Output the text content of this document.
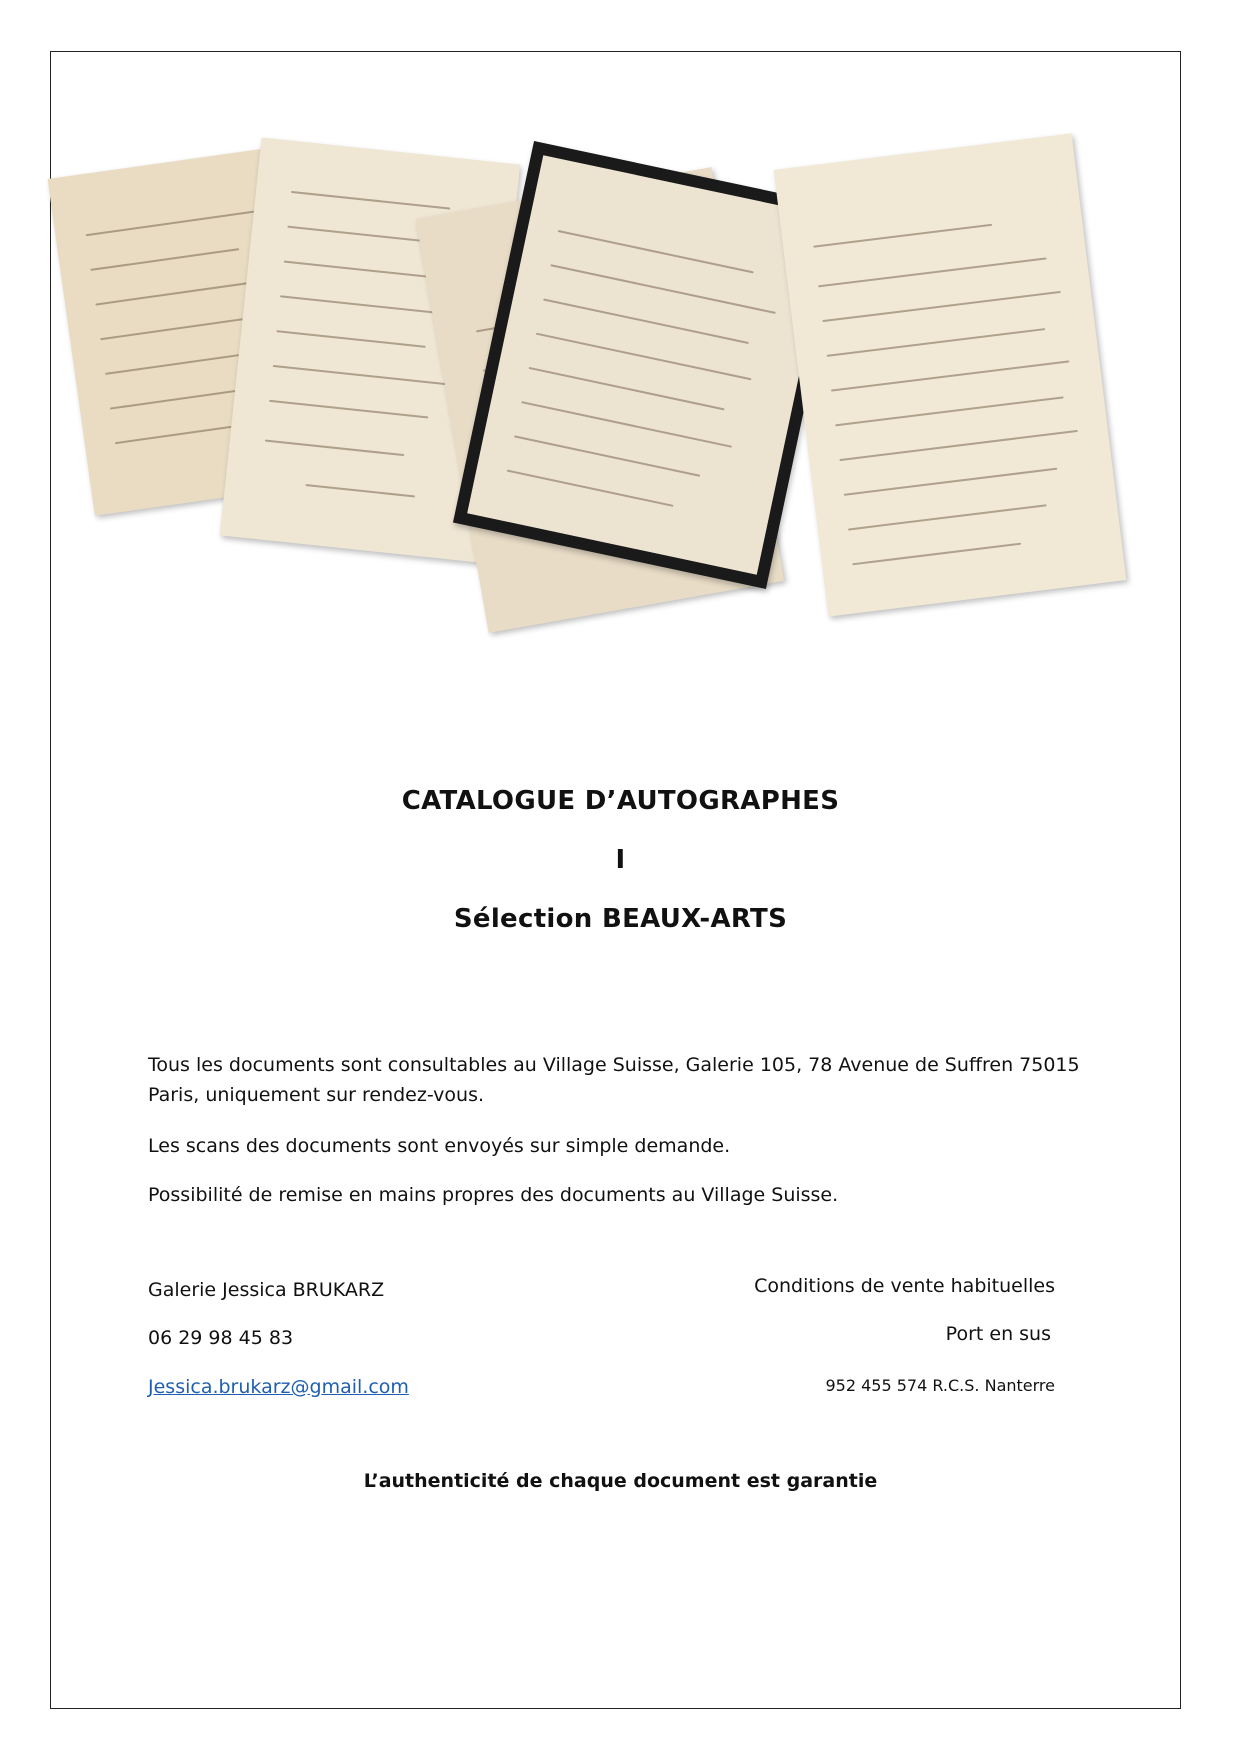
CATALOGUE D’AUTOGRAPHES
I
Sélection BEAUX-ARTS
Tous les documents sont consultables au Village Suisse, Galerie 105, 78 Avenue de Suffren 75015
Paris, uniquement sur rendez-vous.
Les scans des documents sont envoyés sur simple demande.
Possibilité de remise en mains propres des documents au Village Suisse.
Galerie Jessica BRUKARZ
06 29 98 45 83
Jessica.brukarz@gmail.com
Conditions de vente habituelles
Port en sus
952 455 574 R.C.S. Nanterre
L’authenticité de chaque document est garantie
